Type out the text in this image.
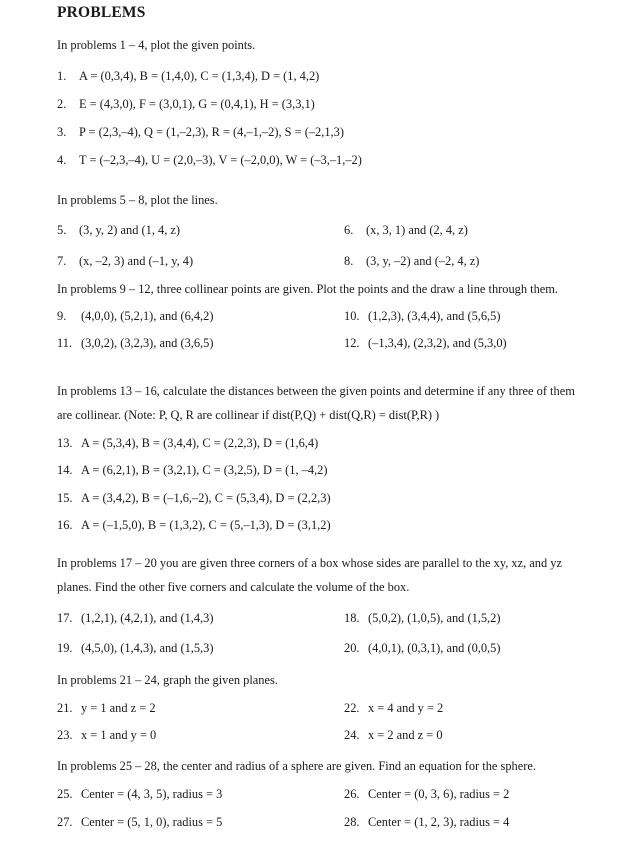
PROBLEMS
In problems 1 – 4, plot the given points.
1. A = (0,3,4), B = (1,4,0), C = (1,3,4), D = (1, 4,2)
2. E = (4,3,0), F = (3,0,1), G = (0,4,1), H = (3,3,1)
3. P = (2,3,–4), Q = (1,–2,3), R = (4,–1,–2), S = (–2,1,3)
4. T = (–2,3,–4), U = (2,0,–3), V = (–2,0,0), W = (–3,–1,–2)
In problems 5 – 8, plot the lines.
5. (3, y, 2) and (1, 4, z)	6. (x, 3, 1) and (2, 4, z)
7. (x, –2, 3) and (–1, y, 4)	8. (3, y, –2) and (–2, 4, z)
In problems 9 – 12, three collinear points are given. Plot the points and the draw a line through them.
9. (4,0,0), (5,2,1), and (6,4,2)	10. (1,2,3), (3,4,4), and (5,6,5)
11. (3,0,2), (3,2,3), and (3,6,5)	12. (–1,3,4), (2,3,2), and (5,3,0)
In problems 13 – 16, calculate the distances between the given points and determine if any three of them
are collinear. (Note: P, Q, R are collinear if dist(P,Q) + dist(Q,R) = dist(P,R) )
13. A = (5,3,4), B = (3,4,4), C = (2,2,3), D = (1,6,4)
14. A = (6,2,1), B = (3,2,1), C = (3,2,5), D = (1, –4,2)
15. A = (3,4,2), B = (–1,6,–2), C = (5,3,4), D = (2,2,3)
16. A = (–1,5,0), B = (1,3,2), C = (5,–1,3), D = (3,1,2)
In problems 17 – 20 you are given three corners of a box whose sides are parallel to the xy, xz, and yz
planes. Find the other five corners and calculate the volume of the box.
17. (1,2,1), (4,2,1), and (1,4,3)	18. (5,0,2), (1,0,5), and (1,5,2)
19. (4,5,0), (1,4,3), and (1,5,3)	20. (4,0,1), (0,3,1), and (0,0,5)
In problems 21 – 24, graph the given planes.
21. y = 1 and z = 2	22. x = 4 and y = 2
23. x = 1 and y = 0	24. x = 2 and z = 0
In problems 25 – 28, the center and radius of a sphere are given. Find an equation for the sphere.
25. Center = (4, 3, 5), radius = 3	26. Center = (0, 3, 6), radius = 2
27. Center = (5, 1, 0), radius = 5	28. Center = (1, 2, 3), radius = 4
